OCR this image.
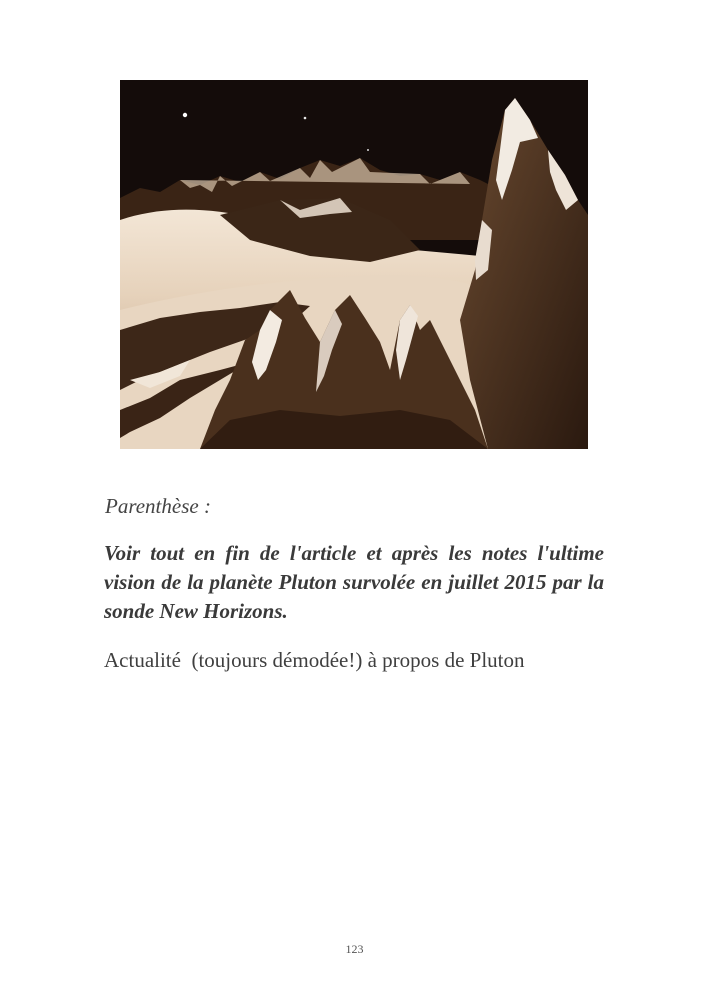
Parenthèse :

Voir tout en fin de l'article et après les notes l'ultime vision de la planète Pluton survolée en juillet 2015 par la sonde New Horizons.

Actualité  (toujours démodée!) à propos de Pluton

123
